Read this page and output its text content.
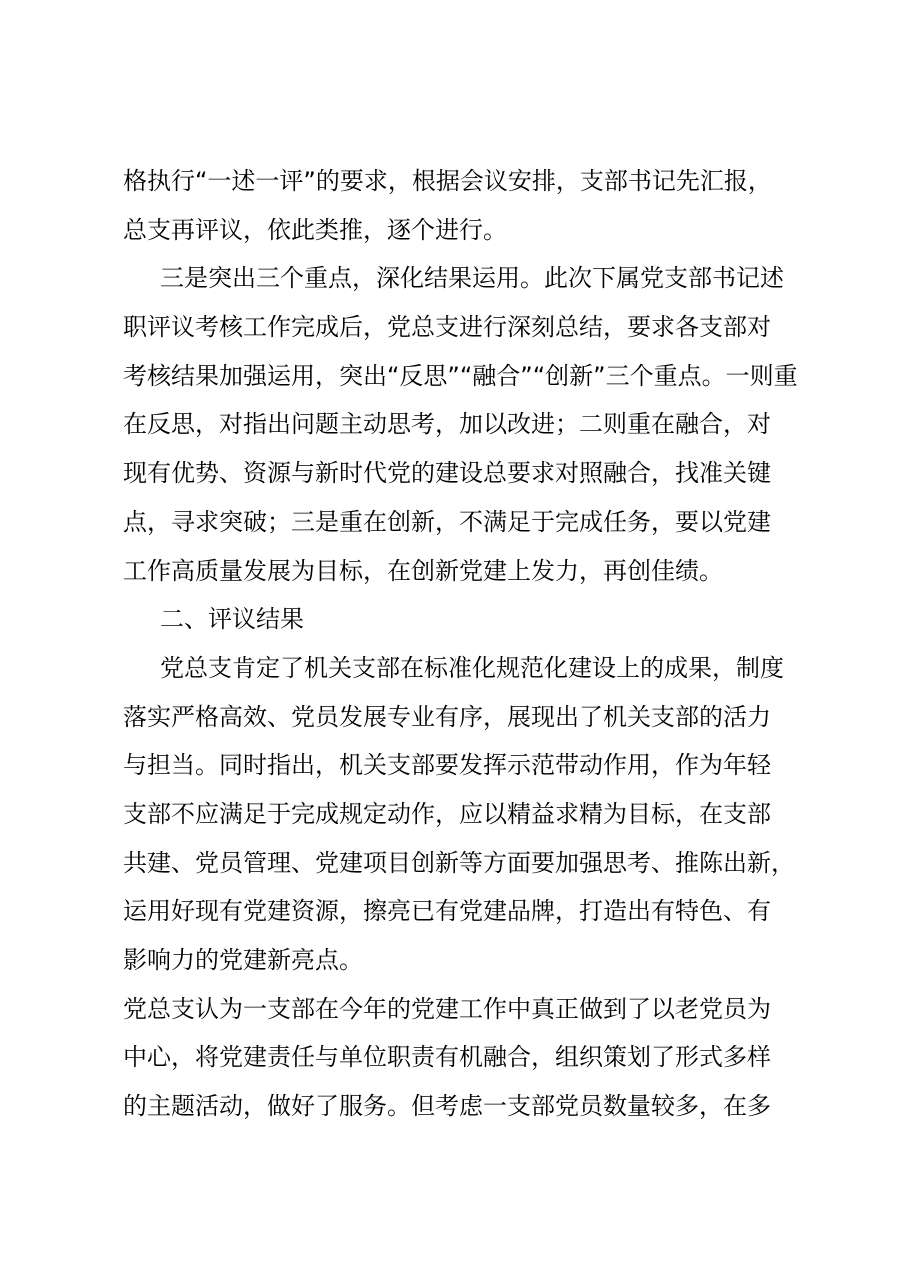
格执行“一述一评”的要求，根据会议安排，支部书记先汇报，
总支再评议，依此类推，逐个进行。
三是突出三个重点，深化结果运用。此次下属党支部书记述
职评议考核工作完成后，党总支进行深刻总结，要求各支部对
考核结果加强运用，突出“反思”“融合”“创新”三个重点。一则重
在反思，对指出问题主动思考，加以改进；二则重在融合，对
现有优势、资源与新时代党的建设总要求对照融合，找准关键
点，寻求突破；三是重在创新，不满足于完成任务，要以党建
工作高质量发展为目标，在创新党建上发力，再创佳绩。
二、评议结果
党总支肯定了机关支部在标准化规范化建设上的成果，制度
落实严格高效、党员发展专业有序，展现出了机关支部的活力
与担当。同时指出，机关支部要发挥示范带动作用，作为年轻
支部不应满足于完成规定动作，应以精益求精为目标，在支部
共建、党员管理、党建项目创新等方面要加强思考、推陈出新，
运用好现有党建资源，擦亮已有党建品牌，打造出有特色、有
影响力的党建新亮点。
党总支认为一支部在今年的党建工作中真正做到了以老党员为
中心，将党建责任与单位职责有机融合，组织策划了形式多样
的主题活动，做好了服务。但考虑一支部党员数量较多，在多
